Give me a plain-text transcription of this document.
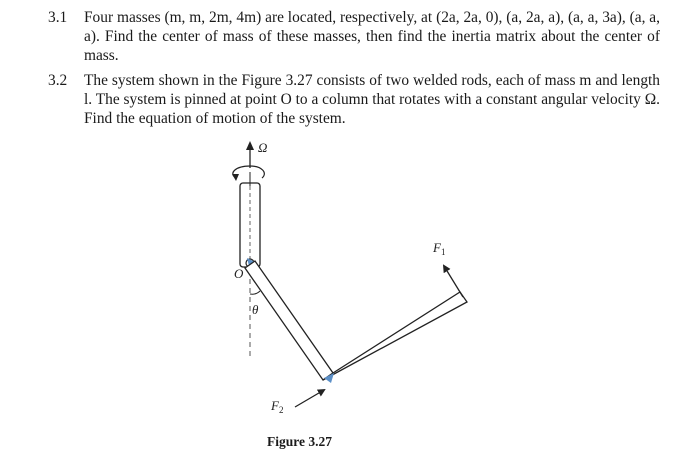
3.1 Four masses (m, m, 2m, 4m) are located, respectively, at (2a, 2a, 0), (a, 2a, a), (a, a, 3a), (a, a, a). Find the center of mass of these masses, then find the inertia matrix about the center of mass.
3.2 The system shown in the Figure 3.27 consists of two welded rods, each of mass m and length l. The system is pinned at point O to a column that rotates with a constant angular velocity Ω. Find the equation of motion of the system.
Ω
O
θ
$F_1$
$F_2$
Figure 3.27
